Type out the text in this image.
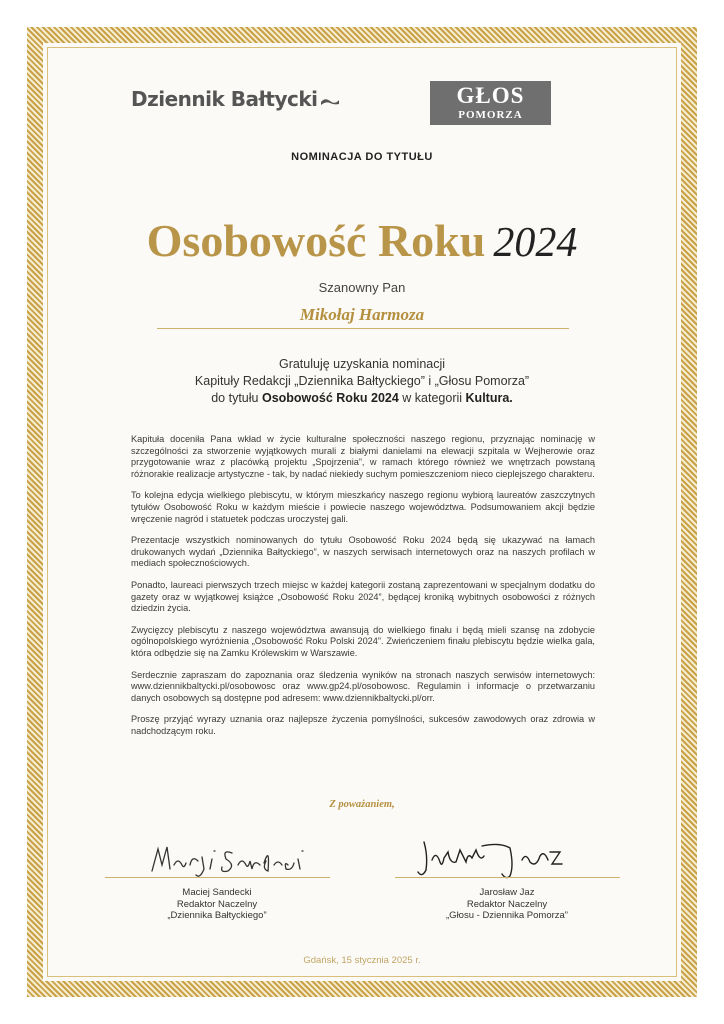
Dziennik Bałtycki	GŁOS
POMORZA
NOMINACJA DO TYTUŁU
Osobowość Roku 2024
Szanowny Pan
Mikołaj Harmoza
Gratuluję uzyskania nominacji
Kapituły Redakcji „Dziennika Bałtyckiego” i „Głosu Pomorza”
do tytułu Osobowość Roku 2024 w kategorii Kultura.

Kapituła doceniła Pana wkład w życie kulturalne społeczności naszego regionu, przyznając nominację w szczególności za stworzenie wyjątkowych murali z białymi danielami na elewacji szpitala w Wejherowie oraz przygotowanie wraz z placówką projektu „Spojrzenia”, w ramach którego również we wnętrzach powstaną różnorakie realizacje artystyczne - tak, by nadać niekiedy suchym pomieszczeniom nieco cieplejszego charakteru.

To kolejna edycja wielkiego plebiscytu, w którym mieszkańcy naszego regionu wybiorą laureatów zaszczytnych tytułów Osobowość Roku w każdym mieście i powiecie naszego województwa. Podsumowaniem akcji będzie wręczenie nagród i statuetek podczas uroczystej gali.

Prezentacje wszystkich nominowanych do tytułu Osobowość Roku 2024 będą się ukazywać na łamach drukowanych wydań „Dziennika Bałtyckiego”, w naszych serwisach internetowych oraz na naszych profilach w mediach społecznościowych.

Ponadto, laureaci pierwszych trzech miejsc w każdej kategorii zostaną zaprezentowani w specjalnym dodatku do gazety oraz w wyjątkowej książce „Osobowość Roku 2024”, będącej kroniką wybitnych osobowości z różnych dziedzin życia.

Zwycięzcy plebiscytu z naszego województwa awansują do wielkiego finału i będą mieli szansę na zdobycie ogólnopolskiego wyróżnienia „Osobowość Roku Polski 2024”. Zwieńczeniem finału plebiscytu będzie wielka gala, która odbędzie się na Zamku Królewskim w Warszawie.

Serdecznie zapraszam do zapoznania oraz śledzenia wyników na stronach naszych serwisów internetowych: www.dziennikbaltycki.pl/osobowosc oraz www.gp24.pl/osobowosc. Regulamin i informacje o przetwarzaniu danych osobowych są dostępne pod adresem: www.dziennikbaltycki.pl/orr.

Proszę przyjąć wyrazy uznania oraz najlepsze życzenia pomyślności, sukcesów zawodowych oraz zdrowia w nadchodzącym roku.

Z poważaniem,
Maciej Sandecki
Redaktor Naczelny
„Dziennika Bałtyckiego”
Jarosław Jaz
Redaktor Naczelny
„Głosu - Dziennika Pomorza”
Gdańsk, 15 stycznia 2025 r.
